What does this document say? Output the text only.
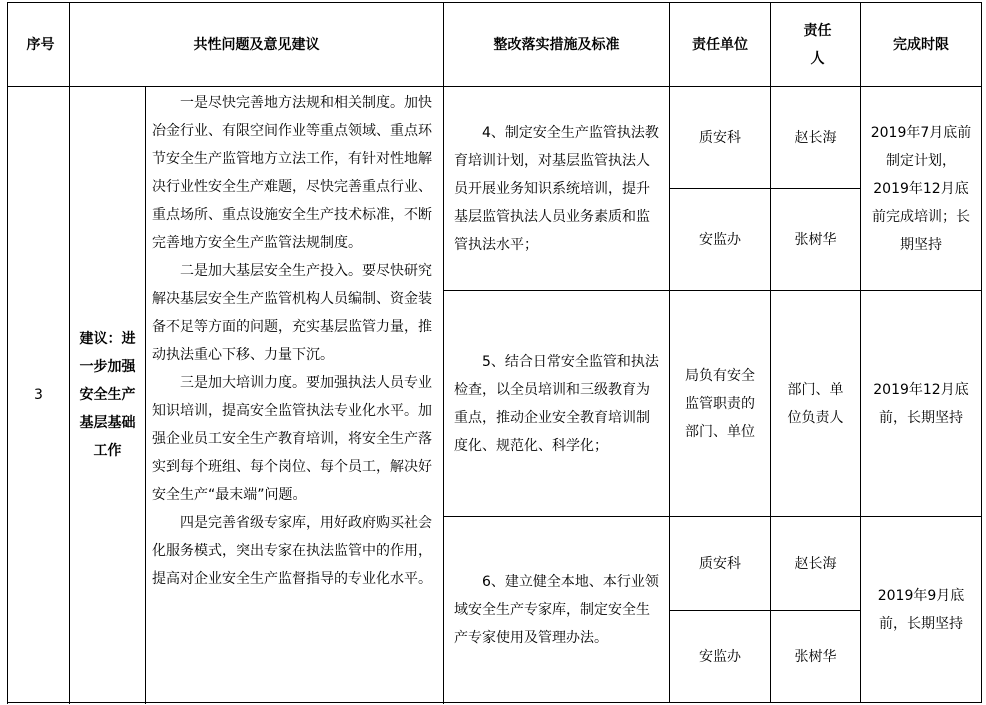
序号	共性问题及意见建议		整改落实措施及标准	责任单位	责任人	完成时限
3	建议：进一步加强安全生产基层基础工作	一是尽快完善地方法规和相关制度。加快冶金行业、有限空间作业等重点领域、重点环节安全生产监管地方立法工作，有针对性地解决行业性安全生产难题，尽快完善重点行业、重点场所、重点设施安全生产技术标准，不断完善地方安全生产监管法规制度。

二是加大基层安全生产投入。要尽快研究解决基层安全生产监管机构人员编制、资金装备不足等方面的问题，充实基层监管力量，推动执法重心下移、力量下沉。

三是加大培训力度。要加强执法人员专业知识培训，提高安全监管执法专业化水平。加强企业员工安全生产教育培训，将安全生产落实到每个班组、每个岗位、每个员工，解决好安全生产“最末端”问题。

四是完善省级专家库，用好政府购买社会化服务模式，突出专家在执法监管中的作用，提高对企业安全生产监督指导的专业化水平。	4、制定安全生产监管执法教育培训计划，对基层监管执法人员开展业务知识系统培训，提升基层监管执法人员业务素质和监管执法水平；	质安科	赵长海	2019年7月底前制定计划，2019年12月底前完成培训；长期坚持
				安监办	张树华	

			5、结合日常安全监管和执法检查，以全员培训和三级教育为重点，推动企业安全教育培训制度化、规范化、科学化；	局负有安全监管职责的部门、单位	部门、单位负责人	2019年12月底前，长期坚持

			6、建立健全本地、本行业领域安全生产专家库，制定安全生产专家使用及管理办法。	质安科	赵长海	2019年9月底前，长期坚持
				安监办	张树华	
